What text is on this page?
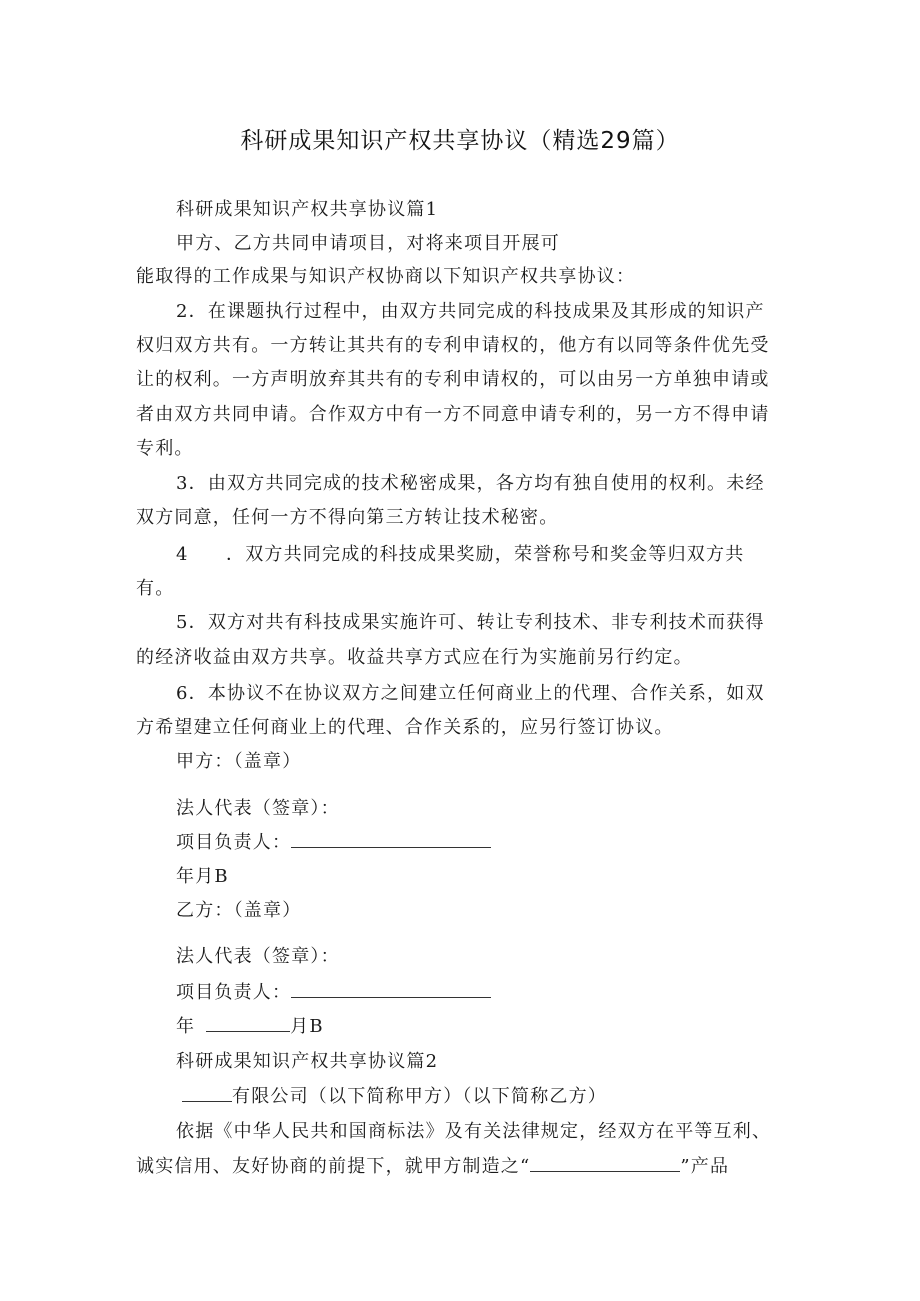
科研成果知识产权共享协议（精选29篇）
科研成果知识产权共享协议篇1
甲方、乙方共同申请项目，对将来项目开展可
能取得的工作成果与知识产权协商以下知识产权共享协议：
2．在课题执行过程中，由双方共同完成的科技成果及其形成的知识产
权归双方共有。一方转让其共有的专利申请权的，他方有以同等条件优先受
让的权利。一方声明放弃其共有的专利申请权的，可以由另一方单独申请或
者由双方共同申请。合作双方中有一方不同意申请专利的，另一方不得申请
专利。
3．由双方共同完成的技术秘密成果，各方均有独自使用的权利。未经
双方同意，任何一方不得向第三方转让技术秘密。
4 ．双方共同完成的科技成果奖励，荣誉称号和奖金等归双方共
有。
5．双方对共有科技成果实施许可、转让专利技术、非专利技术而获得
的经济收益由双方共享。收益共享方式应在行为实施前另行约定。
6．本协议不在协议双方之间建立任何商业上的代理、合作关系，如双
方希望建立任何商业上的代理、合作关系的，应另行签订协议。
甲方：（盖章）
法人代表（签章）：
项目负责人：
年月B
乙方：（盖章）
法人代表（签章）：
项目负责人：
年	月B
科研成果知识产权共享协议篇2
有限公司（以下简称甲方）（以下简称乙方）
依据《中华人民共和国商标法》及有关法律规定，经双方在平等互利、
诚实信用、友好协商的前提下，就甲方制造之“	”产品
